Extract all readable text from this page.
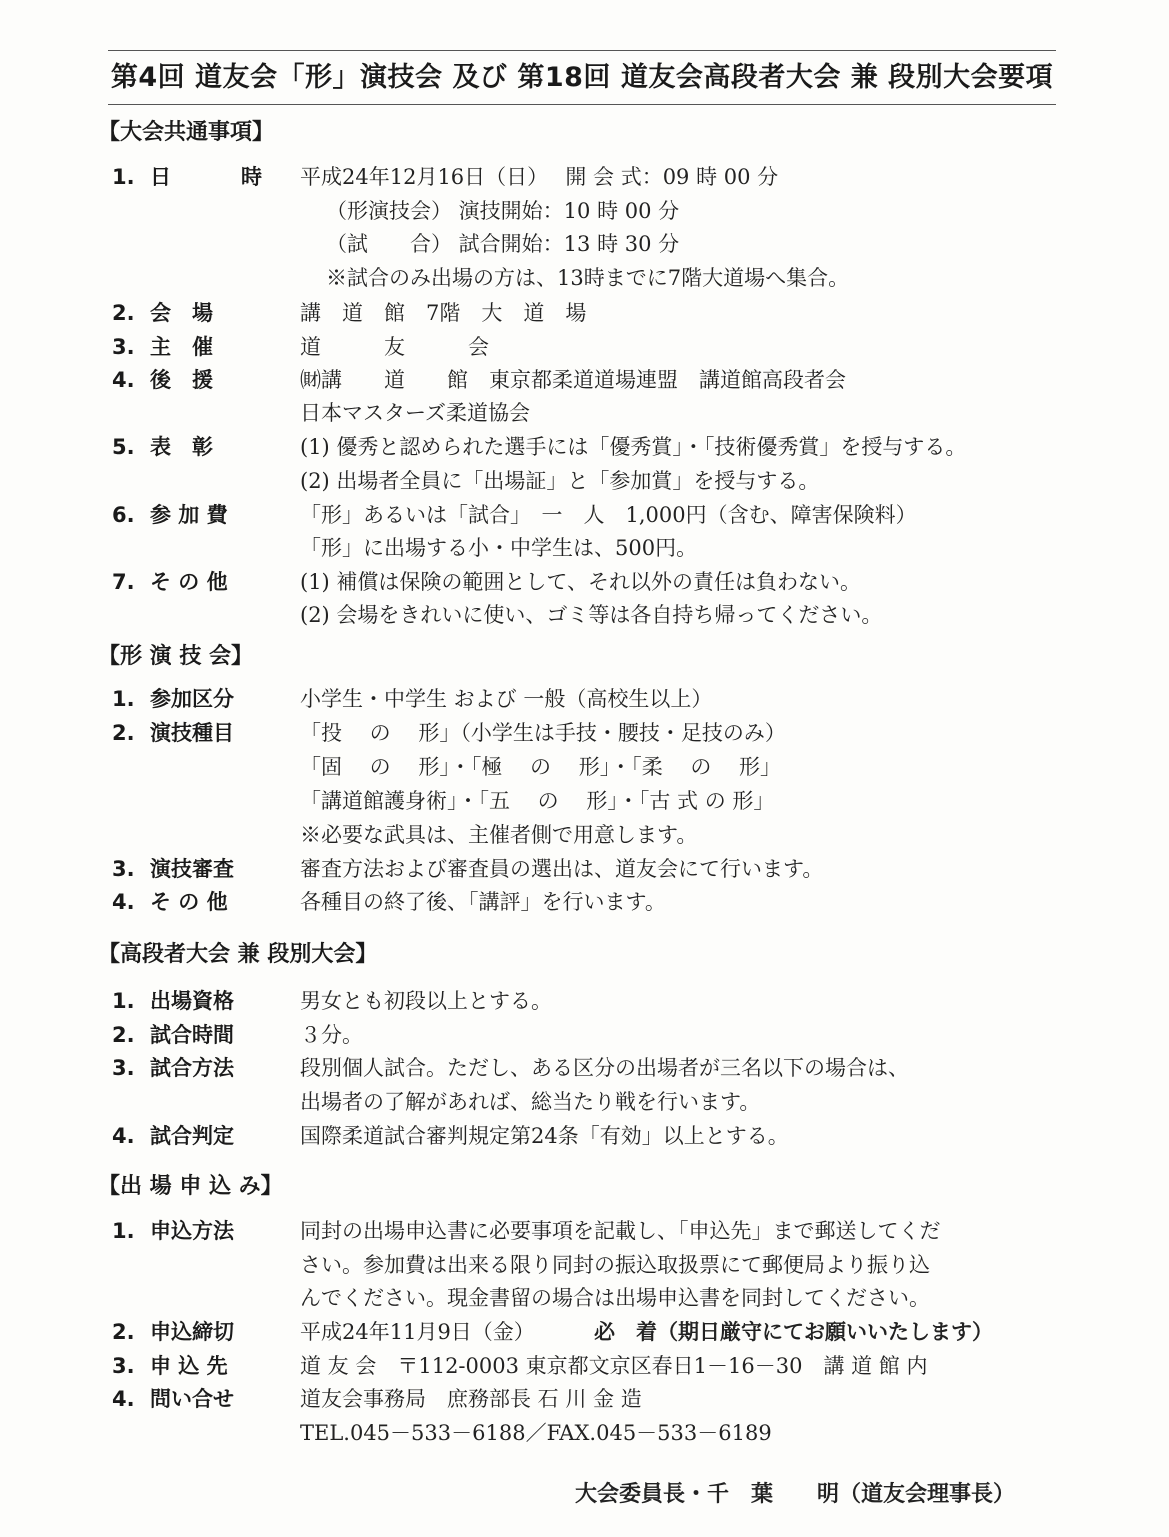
第4回 道友会「形」演技会 及び 第18回 道友会高段者大会 兼 段別大会要項
【大会共通事項】
1. 日	時 平成24年12月16日（日）　 開 会 式：09 時 00 分
（形演技会） 演技開始：10 時 00 分
（試　　合） 試合開始：13 時 30 分
※試合のみ出場の方は、13時までに7階大道場へ集合。
2. 会　場	講　道　館　7階　大　道　場
3. 主　催	道　　　友　　　会
4. 後　援	㈶講　　道　　館　東京都柔道道場連盟　講道館高段者会
日本マスターズ柔道協会
5. 表　彰	(1) 優秀と認められた選手には「優秀賞」・「技術優秀賞」を授与する。
(2) 出場者全員に「出場証」と「参加賞」を授与する。
6. 参 加 費	「形」あるいは「試合」　一　人　1,000円（含む、障害保険料）
「形」に出場する小・中学生は、500円。
7. そ の 他	(1) 補償は保険の範囲として、それ以外の責任は負わない。
(2) 会場をきれいに使い、ゴミ等は各自持ち帰ってください。
【形 演 技 会】
1. 参加区分	小学生・中学生 および 一般（高校生以上）
2. 演技種目	「投　 の　 形」（小学生は手技・腰技・足技のみ）
「固　 の　 形」・「極　 の　 形」・「柔　 の　 形」
「講道館護身術」・「五　 の　 形」・「古 式 の 形」
※必要な武具は、主催者側で用意します。
3. 演技審査	審査方法および審査員の選出は、道友会にて行います。
4. そ の 他	各種目の終了後、「講評」を行います。
【高段者大会 兼 段別大会】
1. 出場資格	男女とも初段以上とする。
2. 試合時間	３分。
3. 試合方法	段別個人試合。ただし、ある区分の出場者が三名以下の場合は、
出場者の了解があれば、総当たり戦を行います。
4. 試合判定	国際柔道試合審判規定第24条「有効」以上とする。
【出 場 申 込 み】
1. 申込方法	同封の出場申込書に必要事項を記載し、「申込先」まで郵送してくだ
さい。参加費は出来る限り同封の振込取扱票にて郵便局より振り込
んでください。現金書留の場合は出場申込書を同封してください。
2. 申込締切	平成24年11月9日（金）	必　着（期日厳守にてお願いいたします）
3. 申 込 先	道 友 会　〒112-0003 東京都文京区春日1－16－30　講 道 館 内
4. 問い合せ	道友会事務局　庶務部長 石 川 金 造
TEL.045－533－6188／FAX.045－533－6189
大会委員長・千　葉　　明（道友会理事長）
